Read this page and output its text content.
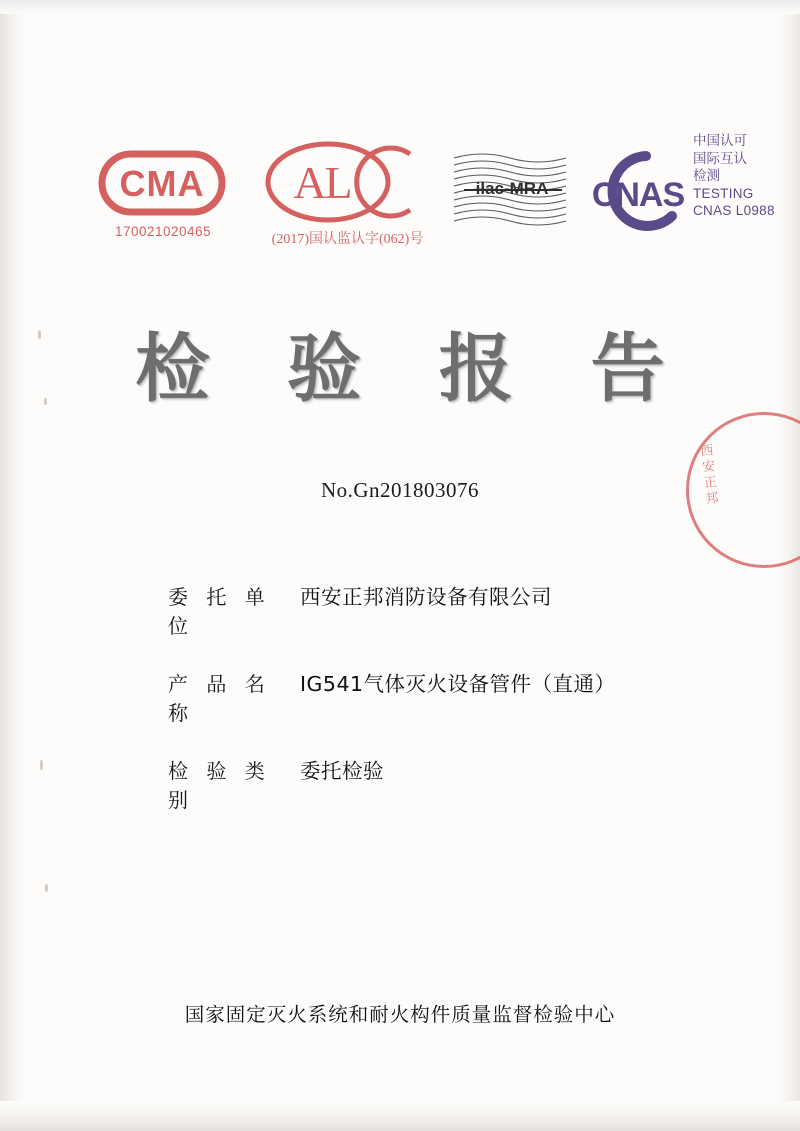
CMA
170021020465
AL
(2017)国认监认字(062)号
ilac-MRA CNAS
中国认可
国际互认
检测
TESTING
CNAS L0988
检 验 报 告
No.Gn201803076
委 托 单 位
西安正邦消防设备有限公司
产 品 名 称
IG541气体灭火设备管件（直通）
检 验 类 别
委托检验
西安正邦
国家固定灭火系统和耐火构件质量监督检验中心
